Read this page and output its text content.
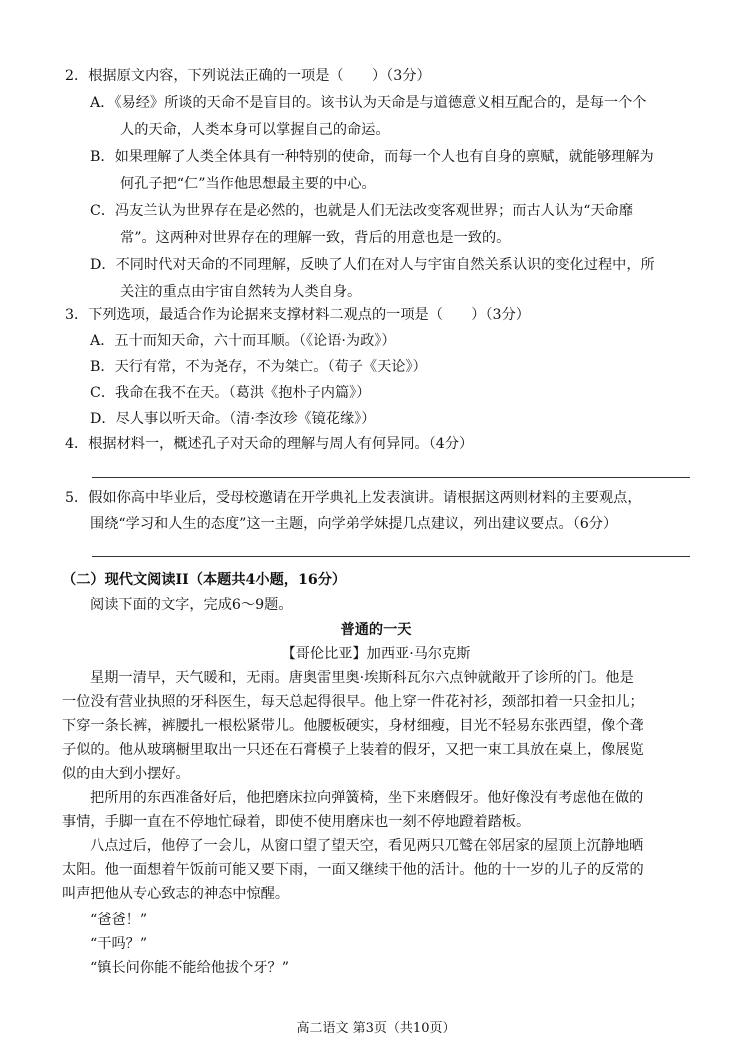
2．根据原文内容，下列说法正确的一项是（　　）（3分）
A．《易经》所谈的天命不是盲目的。该书认为天命是与道德意义相互配合的，是每一个个
人的天命，人类本身可以掌握自己的命运。
B．如果理解了人类全体具有一种特别的使命，而每一个人也有自身的禀赋，就能够理解为
何孔子把“仁”当作他思想最主要的中心。
C．冯友兰认为世界存在是必然的，也就是人们无法改变客观世界；而古人认为“天命靡
常”。这两种对世界存在的理解一致，背后的用意也是一致的。
D．不同时代对天命的不同理解，反映了人们在对人与宇宙自然关系认识的变化过程中，所
关注的重点由宇宙自然转为人类自身。
3．下列选项，最适合作为论据来支撑材料二观点的一项是（　　）（3分）
A．五十而知天命，六十而耳顺。（《论语·为政》）
B．天行有常，不为尧存，不为桀亡。（荀子《天论》）
C．我命在我不在天。（葛洪《抱朴子内篇》）
D．尽人事以听天命。（清·李汝珍《镜花缘》）
4．根据材料一，概述孔子对天命的理解与周人有何异同。（4分）
5．假如你高中毕业后，受母校邀请在开学典礼上发表演讲。请根据这两则材料的主要观点，
围绕“学习和人生的态度”这一主题，向学弟学妹提几点建议，列出建议要点。（6分）
（二）现代文阅读II（本题共4小题，16分）
阅读下面的文字，完成6～9题。
普通的一天
【哥伦比亚】加西亚·马尔克斯
星期一清早，天气暖和，无雨。唐奥雷里奥·埃斯科瓦尔六点钟就敞开了诊所的门。他是
一位没有营业执照的牙科医生，每天总起得很早。他上穿一件花衬衫，颈部扣着一只金扣儿；
下穿一条长裤，裤腰扎一根松紧带儿。他腰板硬实，身材细瘦，目光不轻易东张西望，像个聋
子似的。他从玻璃橱里取出一只还在石膏模子上装着的假牙，又把一束工具放在桌上，像展览
似的由大到小摆好。
把所用的东西准备好后，他把磨床拉向弹簧椅，坐下来磨假牙。他好像没有考虑他在做的
事情，手脚一直在不停地忙碌着，即使不使用磨床也一刻不停地蹬着踏板。
八点过后，他停了一会儿，从窗口望了望天空，看见两只兀鹫在邻居家的屋顶上沉静地晒
太阳。他一面想着午饭前可能又要下雨，一面又继续干他的活计。他的十一岁的儿子的反常的
叫声把他从专心致志的神态中惊醒。
“爸爸！”
“干吗？”
“镇长问你能不能给他拔个牙？”
高二语文 第3页（共10页）
